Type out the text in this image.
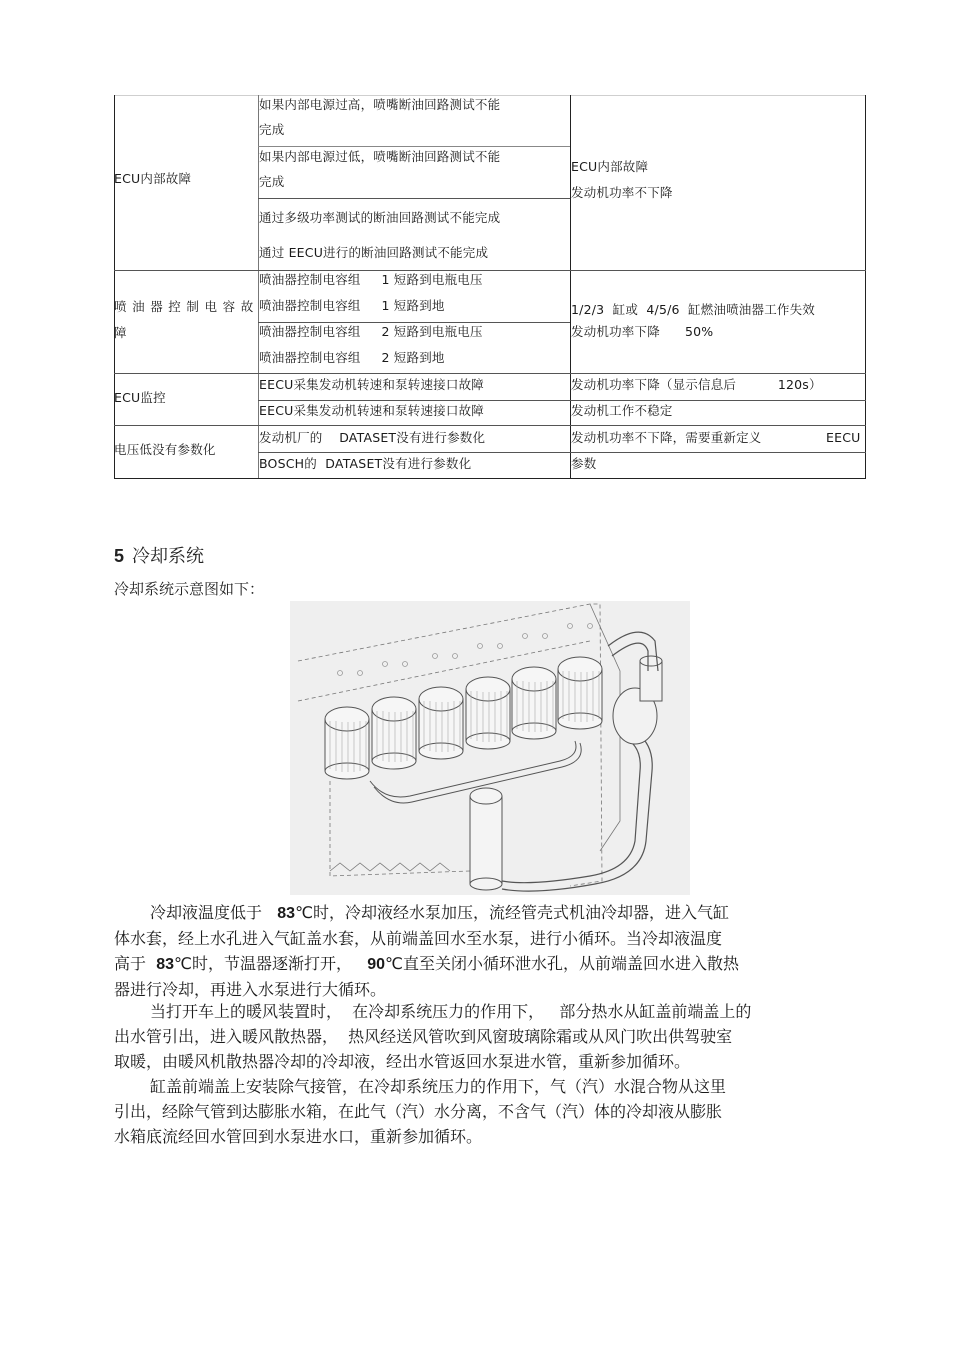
ECU内部故障
如果内部电源过高，喷嘴断油回路测试不能
完成
如果内部电源过低，喷嘴断油回路测试不能
完成
通过多级功率测试的断油回路测试不能完成
通过 EECU进行的断油回路测试不能完成
ECU内部故障
发动机功率不下降
喷油器控制电容故
障
喷油器控制电容组     1 短路到电瓶电压
喷油器控制电容组     1 短路到地
喷油器控制电容组     2 短路到电瓶电压
喷油器控制电容组     2 短路到地
1/2/3  缸或  4/5/6  缸燃油喷油器工作失效
发动机功率下降      50%
ECU监控
EECU采集发动机转速和泵转速接口故障
EECU采集发动机转速和泵转速接口故障
发动机功率下降（显示信息后          120s）
发动机工作不稳定
电压低没有参数化
发动机厂的    DATASET没有进行参数化
BOSCH的  DATASET没有进行参数化
发动机功率不下降，需要重新定义	EECU
参数
5 冷却系统
冷却系统示意图如下：
冷却液温度低于   83℃时，冷却液经水泵加压，流经管壳式机油冷却器，进入气缸
体水套，经上水孔进入气缸盖水套，从前端盖回水至水泵，进行小循环。当冷却液温度
高于  83℃时，节温器逐渐打开，   90℃直至关闭小循环泄水孔，从前端盖回水进入散热
器进行冷却，再进入水泵进行大循环。
当打开车上的暖风装置时，  在冷却系统压力的作用下，   部分热水从缸盖前端盖上的
出水管引出，进入暖风散热器，  热风经送风管吹到风窗玻璃除霜或从风门吹出供驾驶室
取暖，由暖风机散热器冷却的冷却液，经出水管返回水泵进水管，重新参加循环。
缸盖前端盖上安装除气接管，在冷却系统压力的作用下，气（汽）水混合物从这里
引出，经除气管到达膨胀水箱，在此气（汽）水分离，不含气（汽）体的冷却液从膨胀
水箱底流经回水管回到水泵进水口，重新参加循环。
